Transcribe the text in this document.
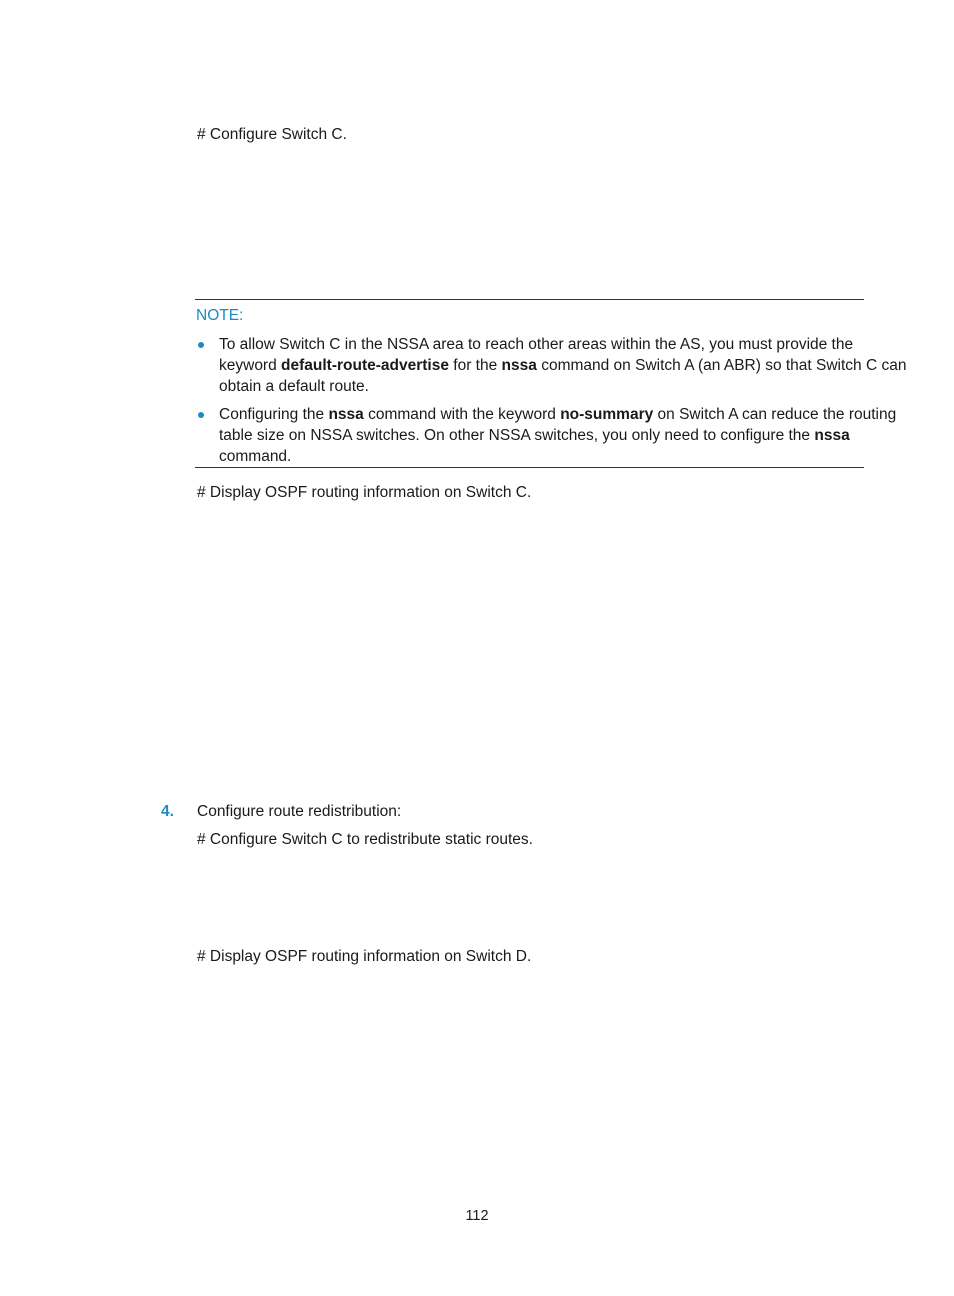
# Configure Switch C.
NOTE:
To allow Switch C in the NSSA area to reach other areas within the AS, you must provide the
keyword default-route-advertise for the nssa command on Switch A (an ABR) so that Switch C can
obtain a default route.
Configuring the nssa command with the keyword no-summary on Switch A can reduce the routing
table size on NSSA switches. On other NSSA switches, you only need to configure the nssa
command.
# Display OSPF routing information on Switch C.
4. Configure route redistribution:
# Configure Switch C to redistribute static routes.
# Display OSPF routing information on Switch D.
112
